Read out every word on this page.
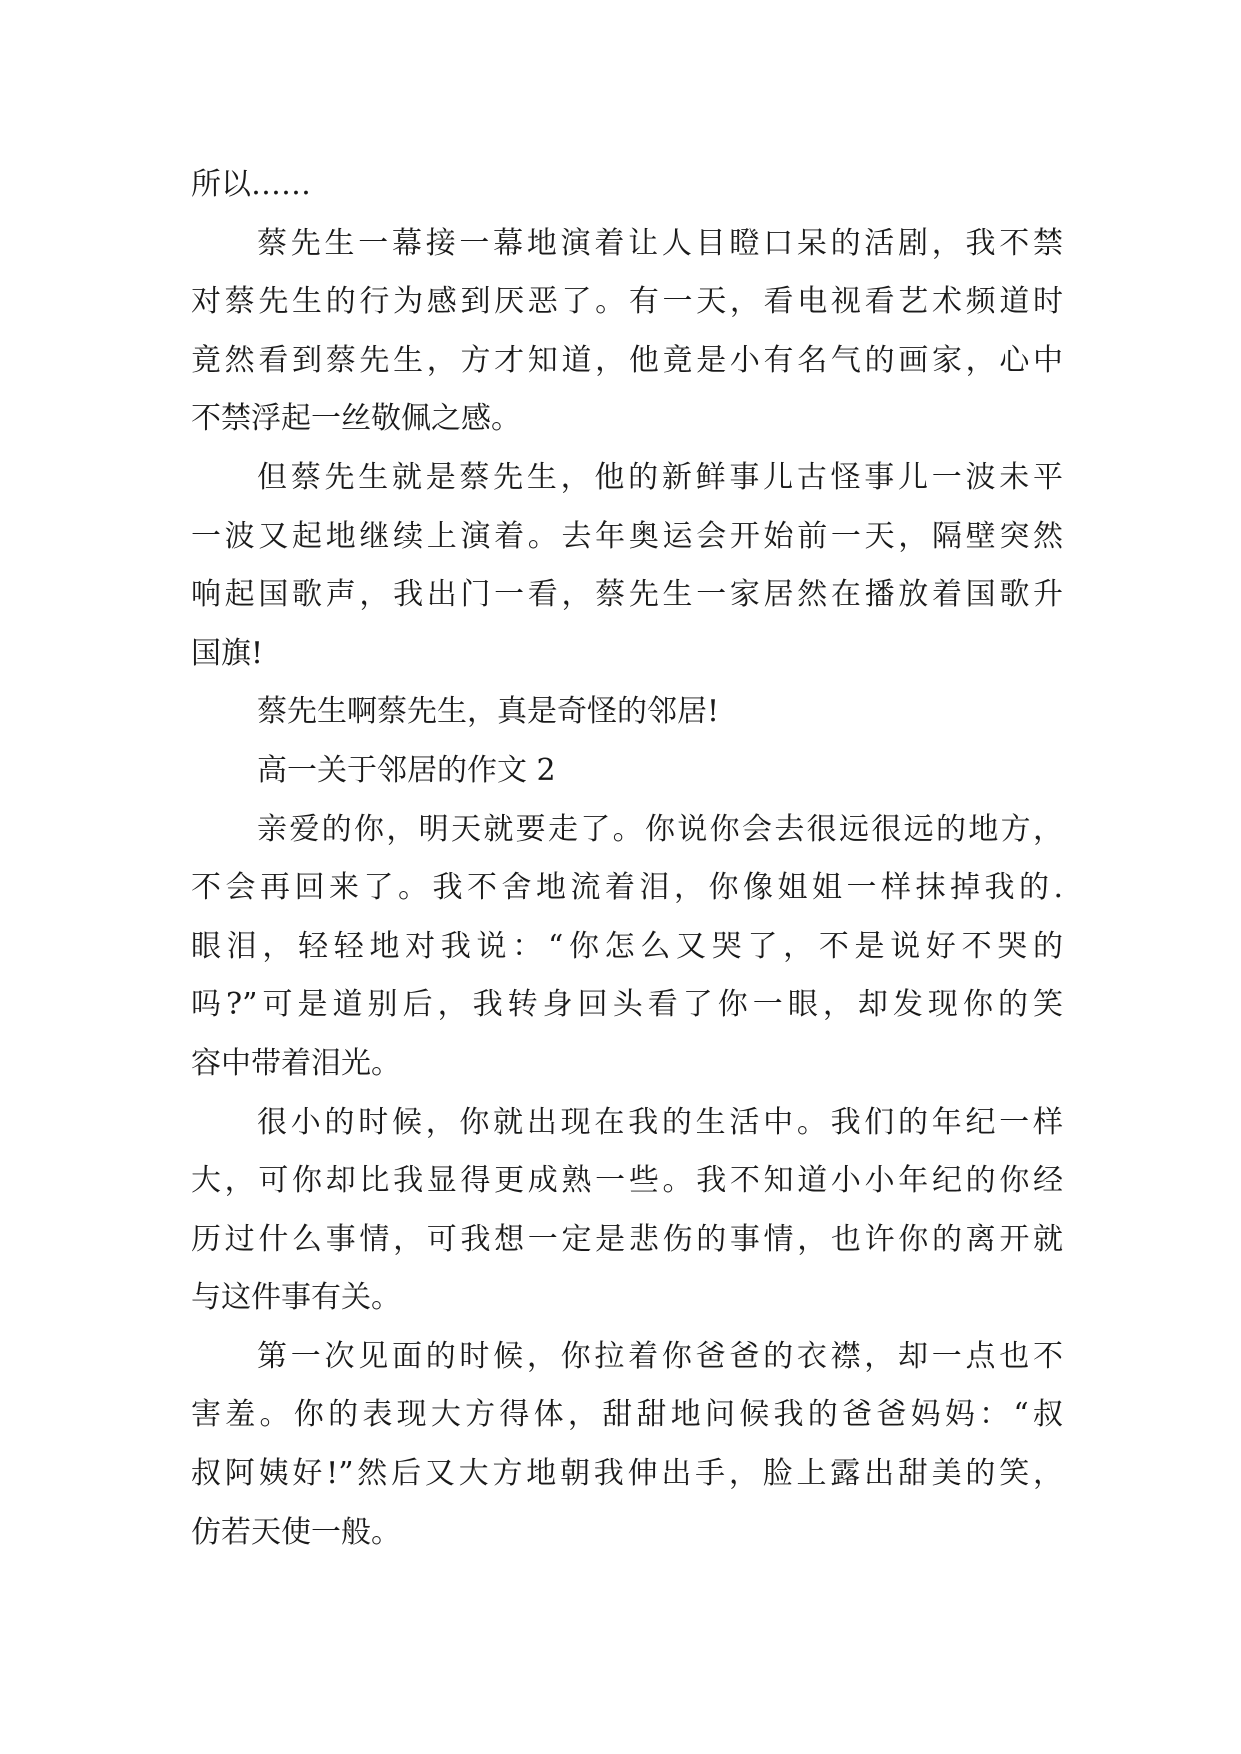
所以……
蔡先生一幕接一幕地演着让人目瞪口呆的活剧，我不禁
对蔡先生的行为感到厌恶了。有一天，看电视看艺术频道时
竟然看到蔡先生，方才知道，他竟是小有名气的画家，心中
不禁浮起一丝敬佩之感。
但蔡先生就是蔡先生，他的新鲜事儿古怪事儿一波未平
一波又起地继续上演着。去年奥运会开始前一天，隔壁突然
响起国歌声，我出门一看，蔡先生一家居然在播放着国歌升
国旗!
蔡先生啊蔡先生，真是奇怪的邻居!
高一关于邻居的作文 2
亲爱的你，明天就要走了。你说你会去很远很远的地方，
不会再回来了。我不舍地流着泪，你像姐姐一样抹掉我的.
眼泪，轻轻地对我说：“你怎么又哭了，不是说好不哭的
吗?”可是道别后，我转身回头看了你一眼，却发现你的笑
容中带着泪光。
很小的时候，你就出现在我的生活中。我们的年纪一样
大，可你却比我显得更成熟一些。我不知道小小年纪的你经
历过什么事情，可我想一定是悲伤的事情，也许你的离开就
与这件事有关。
第一次见面的时候，你拉着你爸爸的衣襟，却一点也不
害羞。你的表现大方得体，甜甜地问候我的爸爸妈妈：“叔
叔阿姨好!”然后又大方地朝我伸出手，脸上露出甜美的笑，
仿若天使一般。
